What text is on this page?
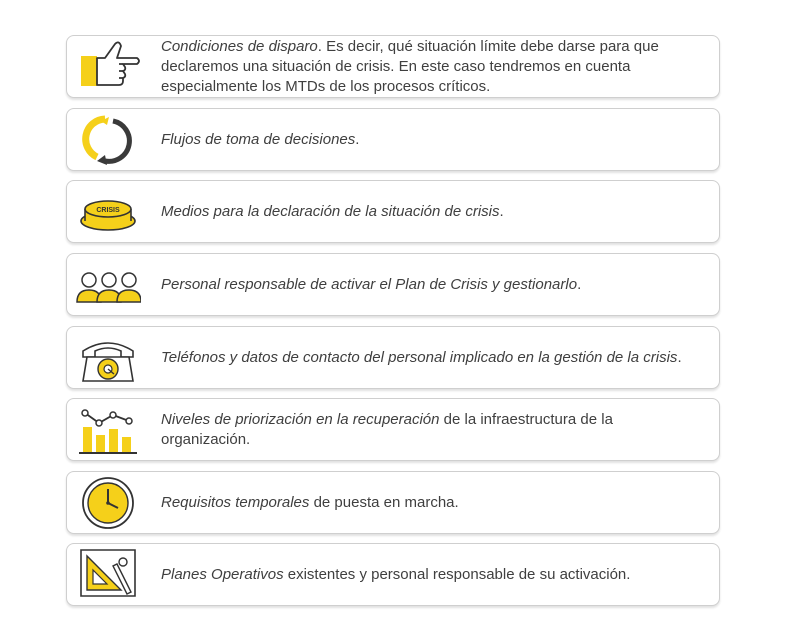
Condiciones de disparo. Es decir, qué situación límite debe darse para que declaremos una situación de crisis. En este caso tendremos en cuenta especialmente los MTDs de los procesos críticos.
Flujos de toma de decisiones.
CRISIS	Medios para la declaración de la situación de crisis.
Personal responsable de activar el Plan de Crisis y gestionarlo.
Teléfonos y datos de contacto del personal implicado en la gestión de la crisis.
Niveles de priorización en la recuperación de la infraestructura de la organización.
Requisitos temporales de puesta en marcha.
Planes Operativos existentes y personal responsable de su activación.
